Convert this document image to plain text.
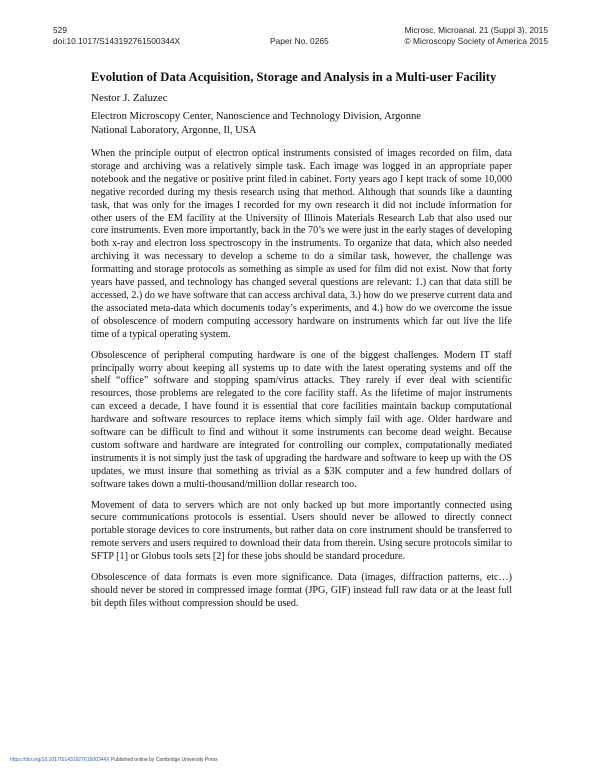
529
doi:10.1017/S143192761500344X	Paper No. 0265
Microsc. Microanal. 21 (Suppl 3), 2015
© Microscopy Society of America 2015
Evolution of Data Acquisition, Storage and Analysis in a Multi-user Facility
Nestor J. Zaluzec
Electron Microscopy Center, Nanoscience and Technology Division, Argonne
National Laboratory, Argonne, Il, USA

When the principle output of electron optical instruments consisted of images recorded on film, data storage and archiving was a relatively simple task. Each image was logged in an appropriate paper notebook and the negative or positive print filed in cabinet. Forty years ago I kept track of some 10,000 negative recorded during my thesis research using that method. Although that sounds like a daunting task, that was only for the images I recorded for my own research it did not include information for other users of the EM facility at the University of Illinois Materials Research Lab that also used our core instruments. Even more importantly, back in the 70’s we were just in the early stages of developing both x-ray and electron loss spectroscopy in the instruments. To organize that data, which also needed archiving it was necessary to develop a scheme to do a similar task, however, the challenge was formatting and storage protocols as something as simple as used for film did not exist. Now that forty years have passed, and technology has changed several questions are relevant: 1.) can that data still be accessed, 2.) do we have software that can access archival data, 3.) how do we preserve current data and the associated meta-data which documents today’s experiments, and 4.) how do we overcome the issue of obsolescence of modern computing accessory hardware on instruments which far out live the life time of a typical operating system.

Obsolescence of peripheral computing hardware is one of the biggest challenges. Modern IT staff principally worry about keeping all systems up to date with the latest operating systems and off the shelf “office” software and stopping spam/virus attacks. They rarely if ever deal with scientific resources, those problems are relegated to the core facility staff. As the lifetime of major instruments can exceed a decade, I have found it is essential that core facilities maintain backup computational hardware and software resources to replace items which simply fail with age. Older hardware and software can be difficult to find and without it some instruments can become dead weight. Because custom software and hardware are integrated for controlling our complex, computationally mediated instruments it is not simply just the task of upgrading the hardware and software to keep up with the OS updates, we must insure that something as trivial as a $3K computer and a few hundred dollars of software takes down a multi-thousand/million dollar research too.

Movement of data to servers which are not only backed up but more importantly connected using secure communications protocols is essential. Users should never be allowed to directly connect portable storage devices to core instruments, but rather data on core instrument should be transferred to remote servers and users required to download their data from therein. Using secure protocols similar to SFTP [1] or Globus tools sets [2] for these jobs should be standard procedure.

Obsolescence of data formats is even more significance. Data (images, diffraction patterns, etc…) should never be stored in compressed image format (JPG, GIF) instead full raw data or at the least full bit depth files without compression should be used.

https://doi.org/10.1017/S143192761500344X Published online by Cambridge University Press
